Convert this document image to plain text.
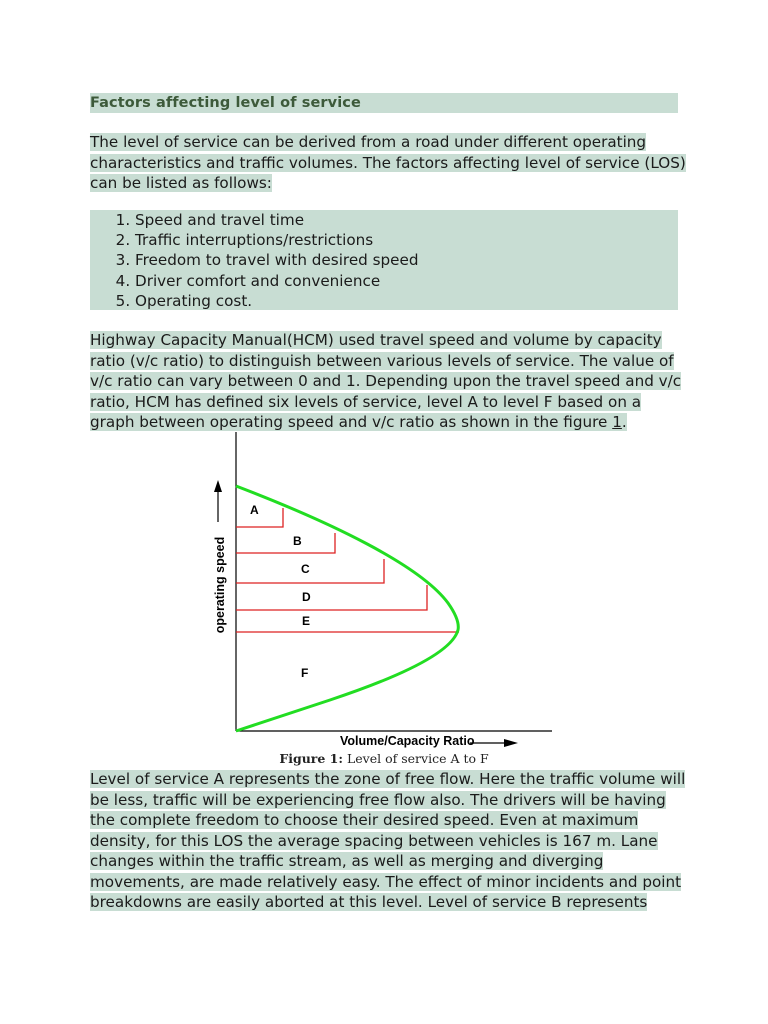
Factors affecting level of service

The level of service can be derived from a road under different operating
characteristics and traffic volumes. The factors affecting level of service (LOS)
can be listed as follows:

1. Speed and travel time
2. Traffic interruptions/restrictions
3. Freedom to travel with desired speed
4. Driver comfort and convenience
5. Operating cost.

Highway Capacity Manual(HCM) used travel speed and volume by capacity
ratio (v/c ratio) to distinguish between various levels of service. The value of
v/c ratio can vary between 0 and 1. Depending upon the travel speed and v/c
ratio, HCM has defined six levels of service, level A to level F based on a
graph between operating speed and v/c ratio as shown in the figure 1.

operating speed
Volume/Capacity Ratio
A
B
C
D
E
F
Figure 1: Level of service A to F

Level of service A represents the zone of free flow. Here the traffic volume will
be less, traffic will be experiencing free flow also. The drivers will be having
the complete freedom to choose their desired speed. Even at maximum
density, for this LOS the average spacing between vehicles is 167 m. Lane
changes within the traffic stream, as well as merging and diverging
movements, are made relatively easy. The effect of minor incidents and point
breakdowns are easily aborted at this level. Level of service B represents
